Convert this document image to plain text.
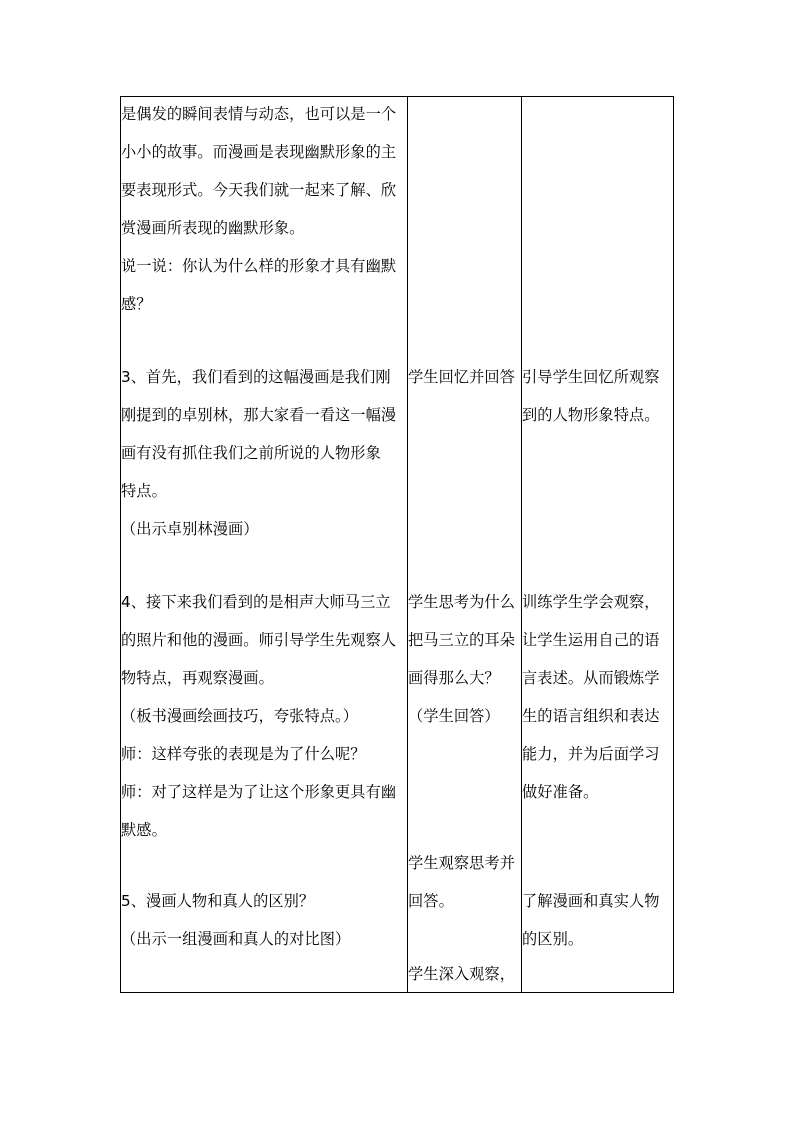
是偶发的瞬间表情与动态，也可以是一个
小小的故事。而漫画是表现幽默形象的主
要表现形式。今天我们就一起来了解、欣
赏漫画所表现的幽默形象。
说一说：你认为什么样的形象才具有幽默
感？
3、首先，我们看到的这幅漫画是我们刚
刚提到的卓别林，那大家看一看这一幅漫
画有没有抓住我们之前所说的人物形象
特点。
（出示卓别林漫画）
4、接下来我们看到的是相声大师马三立
的照片和他的漫画。师引导学生先观察人
物特点，再观察漫画。
（板书漫画绘画技巧，夸张特点。）
师：这样夸张的表现是为了什么呢？
师：对了这样是为了让这个形象更具有幽
默感。
5、漫画人物和真人的区别？
（出示一组漫画和真人的对比图）
学生回忆并回答
学生思考为什么
把马三立的耳朵
画得那么大？
（学生回答）
学生观察思考并
回答。
学生深入观察，
引导学生回忆所观察
到的人物形象特点。
训练学生学会观察，
让学生运用自己的语
言表述。从而锻炼学
生的语言组织和表达
能力，并为后面学习
做好准备。
了解漫画和真实人物
的区别。
